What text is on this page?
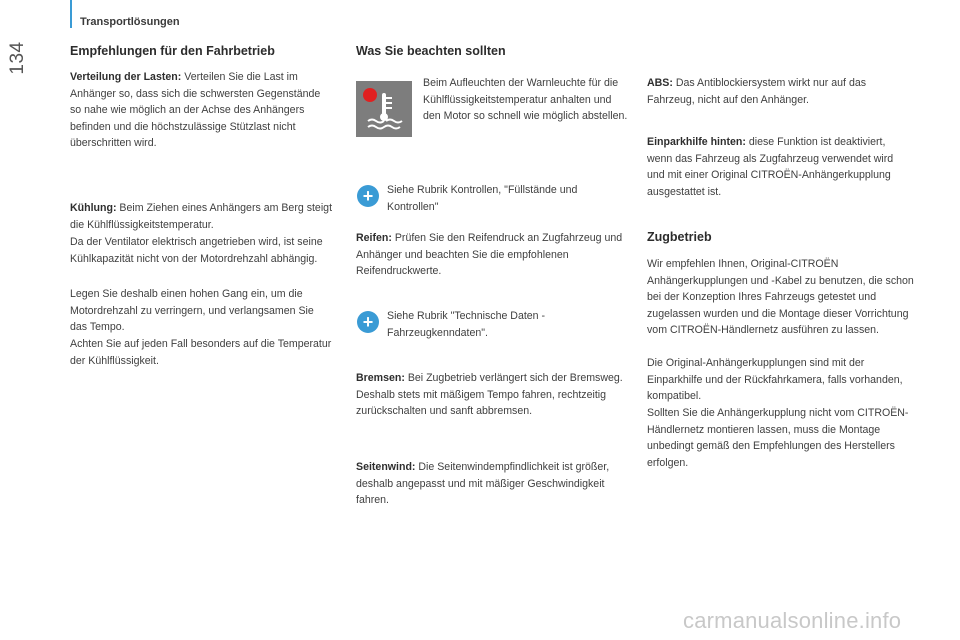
Transportlösungen
134	Empfehlungen für den Fahrbetrieb

Verteilung der Lasten: Verteilen Sie die Last im Anhänger so, dass sich die schwersten Gegenstände so nahe wie möglich an der Achse des Anhängers befinden und die höchstzulässige Stützlast nicht überschritten wird.

Kühlung: Beim Ziehen eines Anhängers am Berg steigt die Kühlflüssigkeitstemperatur.

Da der Ventilator elektrisch angetrieben wird, ist seine Kühlkapazität nicht von der Motordrehzahl abhängig.

Legen Sie deshalb einen hohen Gang ein, um die Motordrehzahl zu verringern, und verlangsamen Sie das Tempo.

Achten Sie auf jeden Fall besonders auf die Temperatur der Kühlflüssigkeit.

Was Sie beachten sollten

Beim Aufleuchten der Warnleuchte für die Kühlflüssigkeitstemperatur anhalten und den Motor so schnell wie möglich abstellen.

+	Siehe Rubrik Kontrollen, "Füllstände und Kontrollen"

Reifen: Prüfen Sie den Reifendruck an Zugfahrzeug und Anhänger und beachten Sie die empfohlenen Reifendruckwerte.

+	Siehe Rubrik "Technische Daten - Fahrzeugkenndaten".

Bremsen: Bei Zugbetrieb verlängert sich der Bremsweg. Deshalb stets mit mäßigem Tempo fahren, rechtzeitig zurückschalten und sanft abbremsen.

Seitenwind: Die Seitenwindempfindlichkeit ist größer, deshalb angepasst und mit mäßiger Geschwindigkeit fahren.

ABS: Das Antiblockiersystem wirkt nur auf das Fahrzeug, nicht auf den Anhänger.

Einparkhilfe hinten: diese Funktion ist deaktiviert, wenn das Fahrzeug als Zugfahrzeug verwendet wird und mit einer Original CITROËN-Anhängerkupplung ausgestattet ist.

Zugbetrieb

Wir empfehlen Ihnen, Original-CITROËN Anhängerkupplungen und -Kabel zu benutzen, die schon bei der Konzeption Ihres Fahrzeugs getestet und zugelassen wurden und die Montage dieser Vorrichtung vom CITROËN-Händlernetz ausführen zu lassen.

Die Original-Anhängerkupplungen sind mit der Einparkhilfe und der Rückfahrkamera, falls vorhanden, kompatibel.

Sollten Sie die Anhängerkupplung nicht vom CITROËN-Händlernetz montieren lassen, muss die Montage unbedingt gemäß den Empfehlungen des Herstellers erfolgen.

carmanualsonline.info
